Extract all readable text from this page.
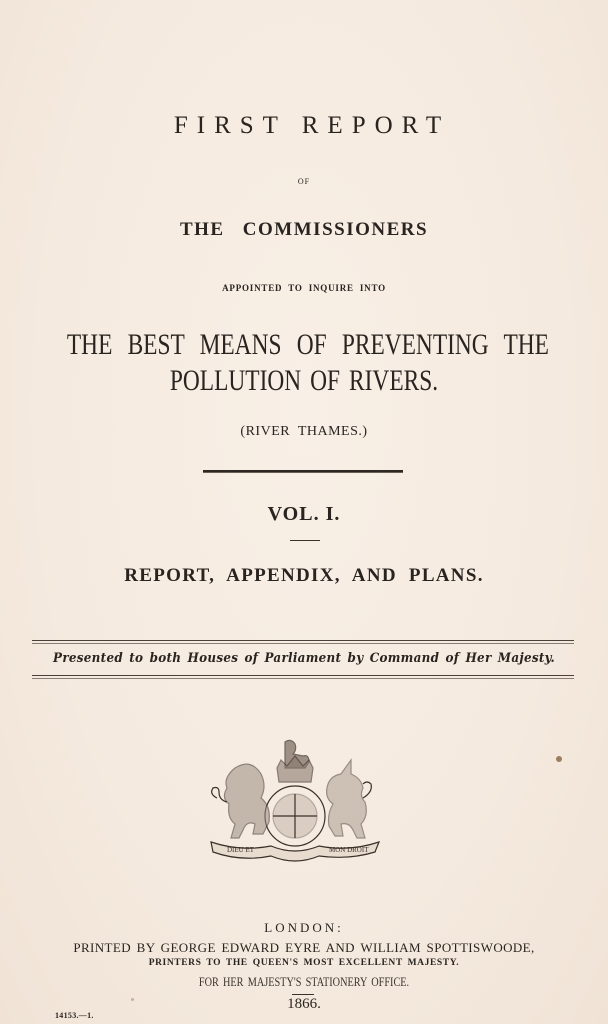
FIRST REPORT
OF
THE COMMISSIONERS
APPOINTED TO INQUIRE INTO
THE BEST MEANS OF PREVENTING THE
POLLUTION OF RIVERS.
(RIVER THAMES.)
VOL. I.
REPORT, APPENDIX, AND PLANS.
Presented to both Houses of Parliament by Command of Her Majesty.
DIEU ET	MON DROIT
LONDON:
PRINTED BY GEORGE EDWARD EYRE AND WILLIAM SPOTTISWOODE,
PRINTERS TO THE QUEEN'S MOST EXCELLENT MAJESTY.
FOR HER MAJESTY'S STATIONERY OFFICE.
1866.
14153.—1.
